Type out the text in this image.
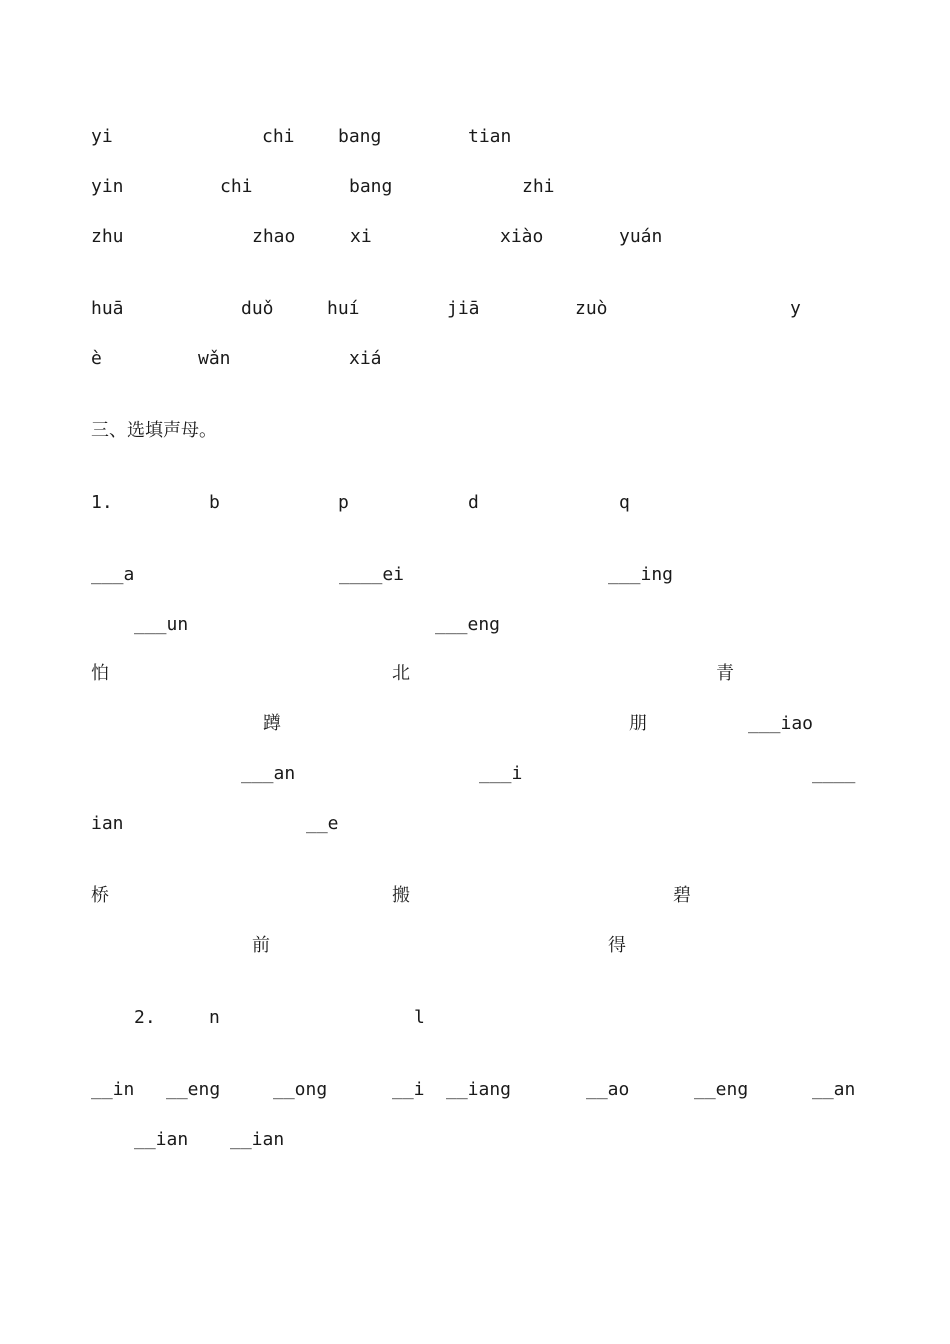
yi	chi bang	tian
yin	chi	bang	zhi
zhu	zhao	xi	xiào	yuán
huā	duǒ	huí	jiā	zuò	y
è	wǎn	xiá
三、选填声母。
1.	b	p	d	q
___a	____ei	___ing
___un	___eng
怕	北	青
蹲	朋	___iao
___an	___i	____
ian	__e
桥	搬	碧
前	得
2.	n	l
__in __eng	__ong	__i __iang	__ao	__eng	__an
__ian __ian
